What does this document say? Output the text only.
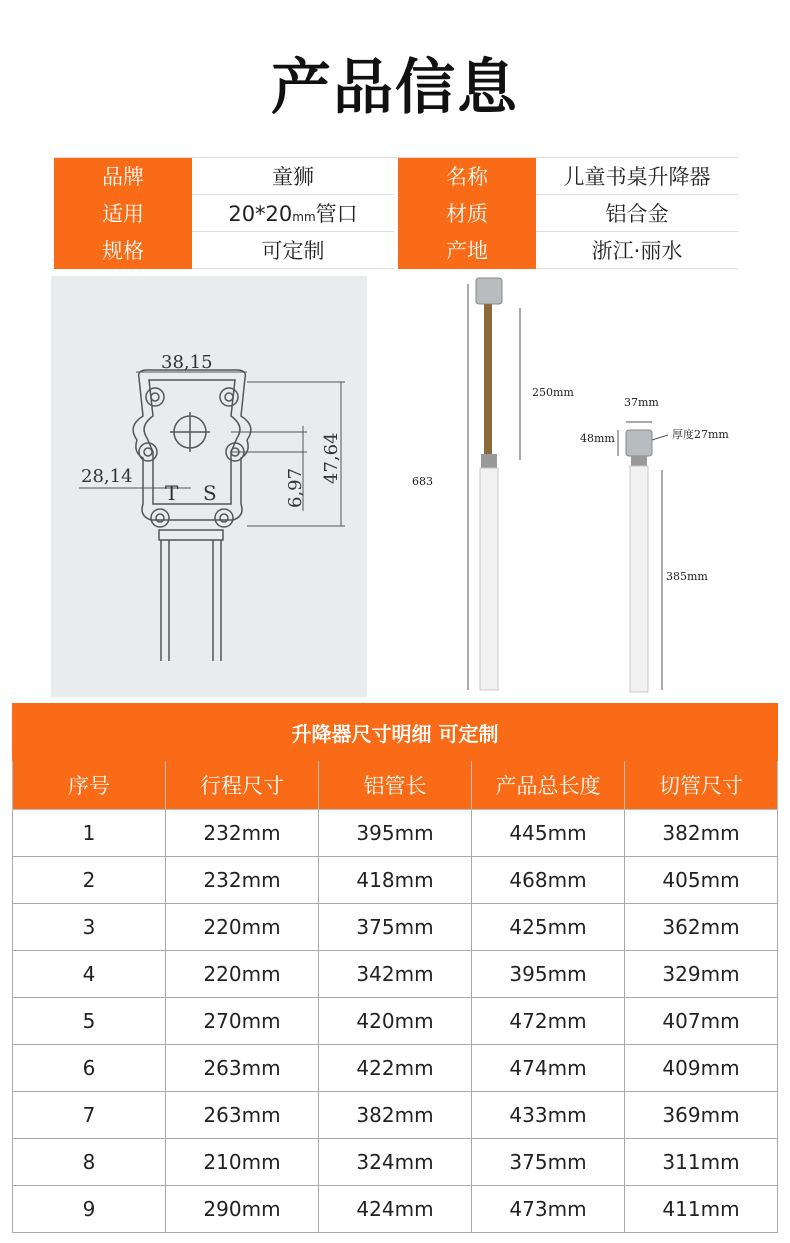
产品信息
品牌	童狮		名称	儿童书桌升降器
适用	20*20mm管口		材质	铝合金
规格	可定制		产地	浙江·丽水
38,15
28,14
T S	6,97
47,64
250mm
683
37mm
48mm	厚度27mm
385mm
升降器尺寸明细 可定制				
序号	行程尺寸	铝管长	产品总长度	切管尺寸
1	232mm	395mm	445mm	382mm
2	232mm	418mm	468mm	405mm
3	220mm	375mm	425mm	362mm
4	220mm	342mm	395mm	329mm
5	270mm	420mm	472mm	407mm
6	263mm	422mm	474mm	409mm
7	263mm	382mm	433mm	369mm
8	210mm	324mm	375mm	311mm
9	290mm	424mm	473mm	411mm
